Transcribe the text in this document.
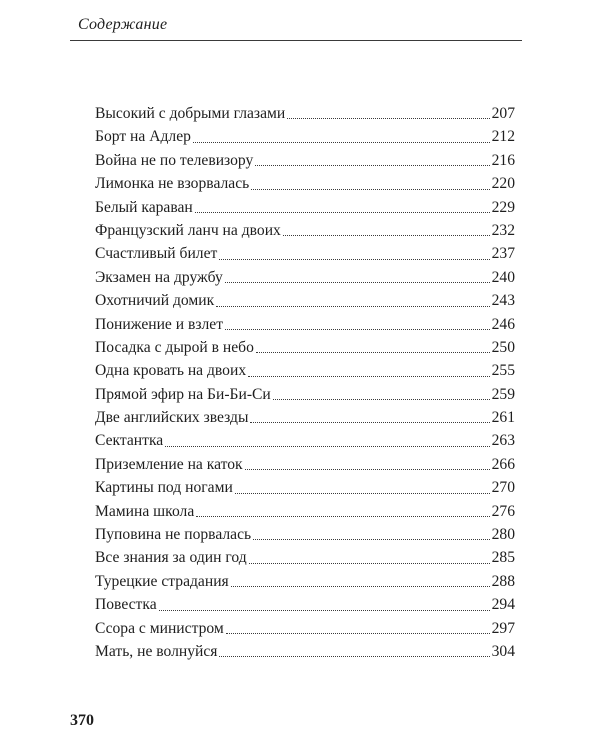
Содержание
Высокий с добрыми глазами	207
Борт на Адлер	212
Война не по телевизору	216
Лимонка не взорвалась	220
Белый караван	229
Французский ланч на двоих	232
Счастливый билет	237
Экзамен на дружбу	240
Охотничий домик	243
Понижение и взлет	246
Посадка с дырой в небо	250
Одна кровать на двоих	255
Прямой эфир на Би-Би-Си	259
Две английских звезды	261
Сектантка	263
Приземление на каток	266
Картины под ногами	270
Мамина школа	276
Пуповина не порвалась	280
Все знания за один год	285
Турецкие страдания	288
Повестка	294
Ссора с министром	297
Мать, не волнуйся	304
370
